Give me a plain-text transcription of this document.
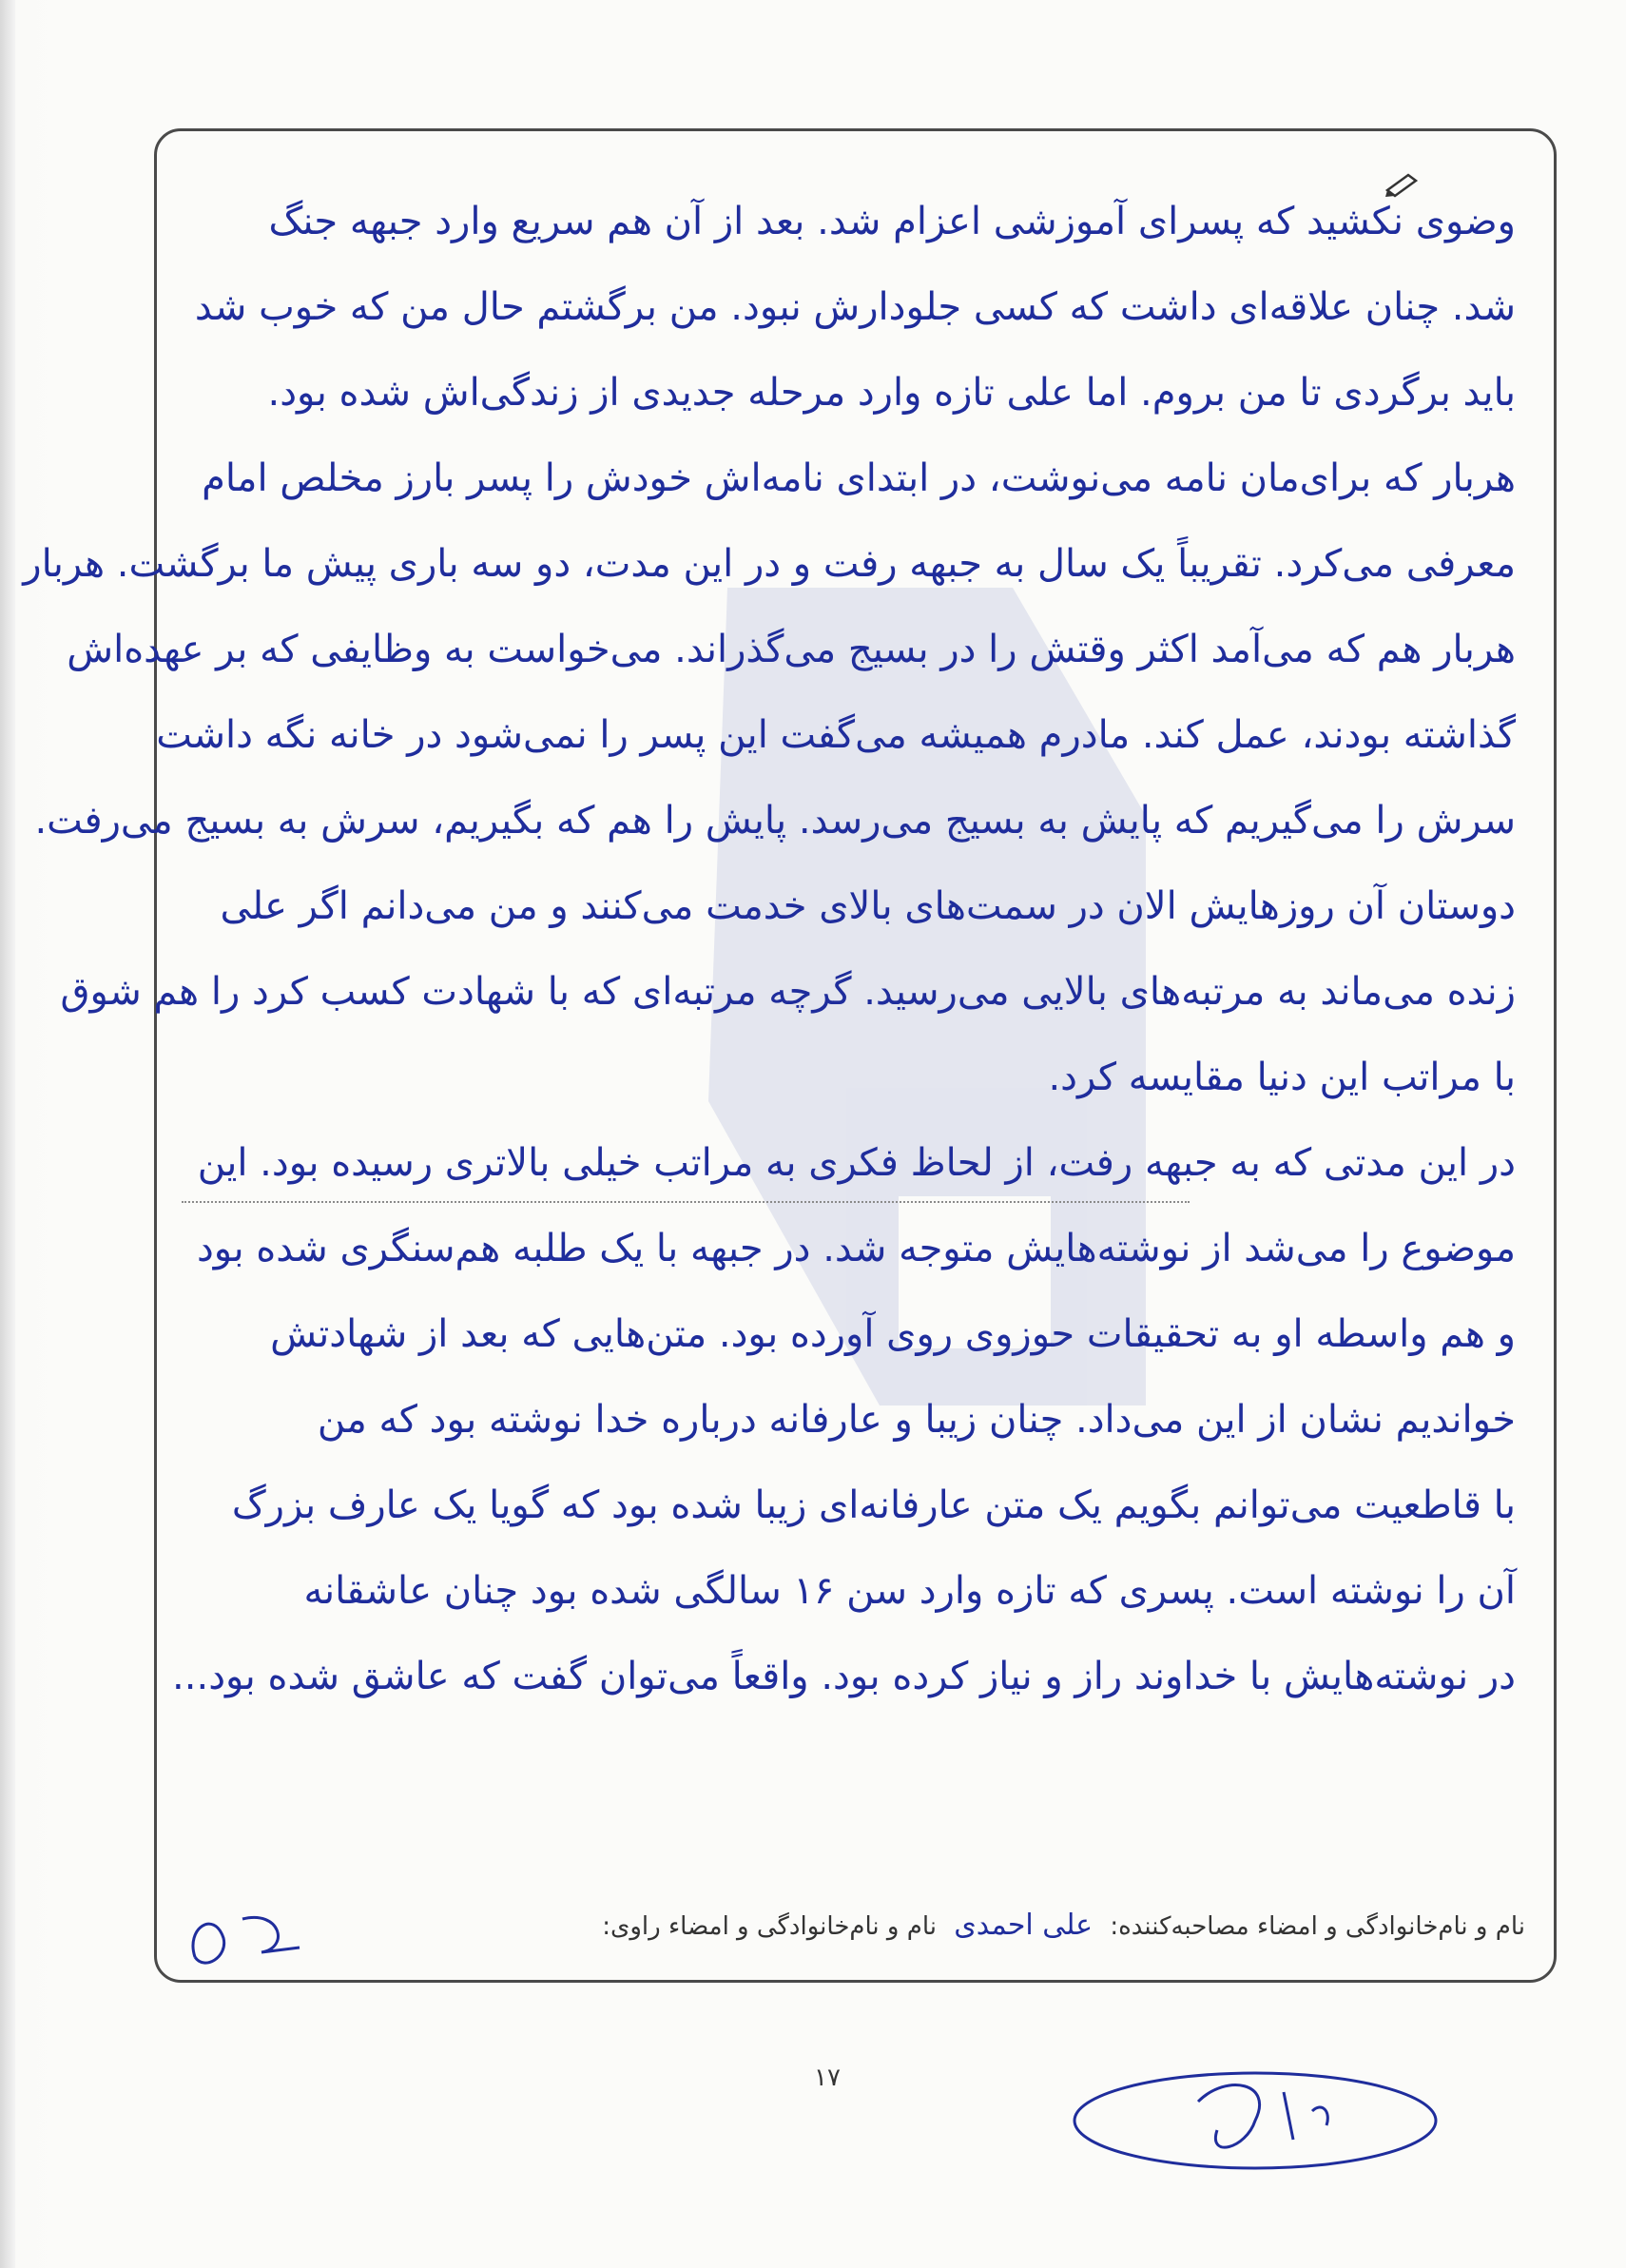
وضو‌ی نکشید که پسرای آموزشی اعزام شد. بعد از آن هم سریع وارد جبهه جنگ
شد. چنان علاقه‌ای داشت که کسی جلودارش نبود. من برگشتم حال من که خوب شد
باید برگردی تا من بروم. اما علی تازه وارد مرحله جدیدی از زندگی‌اش شده بود.
هربار که برای‌مان نامه می‌نوشت، در ابتدای نامه‌اش خودش را پسر بارز مخلص امام
معرفی می‌کرد. تقریباً یک سال به جبهه رفت و در این مدت، دو سه باری پیش ما برگشت. هربار
هربار هم که می‌آمد اکثر وقتش را در بسیج می‌گذراند. می‌خواست به وظایفی که بر عهده‌اش
گذاشته بودند، عمل کند. مادرم همیشه می‌گفت این پسر را نمی‌شود در خانه نگه داشت
سرش را می‌گیریم که پایش به بسیج می‌رسد. پایش را هم که بگیریم، سرش به بسیج می‌رفت.
دوستان آن روزهایش الان در سمت‌های بالای خدمت می‌کنند و من می‌دانم اگر علی
زنده می‌ماند به مرتبه‌های بالایی می‌رسید. گرچه مرتبه‌ای که با شهادت کسب کرد را هم شوق
با مراتب این دنیا مقایسه کرد.
در این مدتی که به جبهه رفت، از لحاظ فکری به مراتب خیلی بالاتری رسیده بود. این
موضوع را می‌شد از نوشته‌هایش متوجه شد. در جبهه با یک طلبه هم‌سنگری شده بود
و هم واسطه او به تحقیقات حوزوی روی آورده بود. متن‌هایی که بعد از شهادتش
خواندیم نشان از این می‌داد. چنان زیبا و عارفانه درباره خدا نوشته بود که من
با قاطعیت می‌توانم بگویم یک متن عارفانه‌ای زیبا شده بود که گویا یک عارف بزرگ
آن را نوشته است. پسری که تازه وارد سن ۱۶ سالگی شده بود چنان عاشقانه
در نوشته‌هایش با خداوند راز و نیاز کرده بود. واقعاً می‌توان گفت که عاشق شده بود...
نام و نام‌خانوادگی و امضاء مصاحبه‌کننده: علی احمدی نام و نام‌خانوادگی و امضاء راوی:
۱۷
